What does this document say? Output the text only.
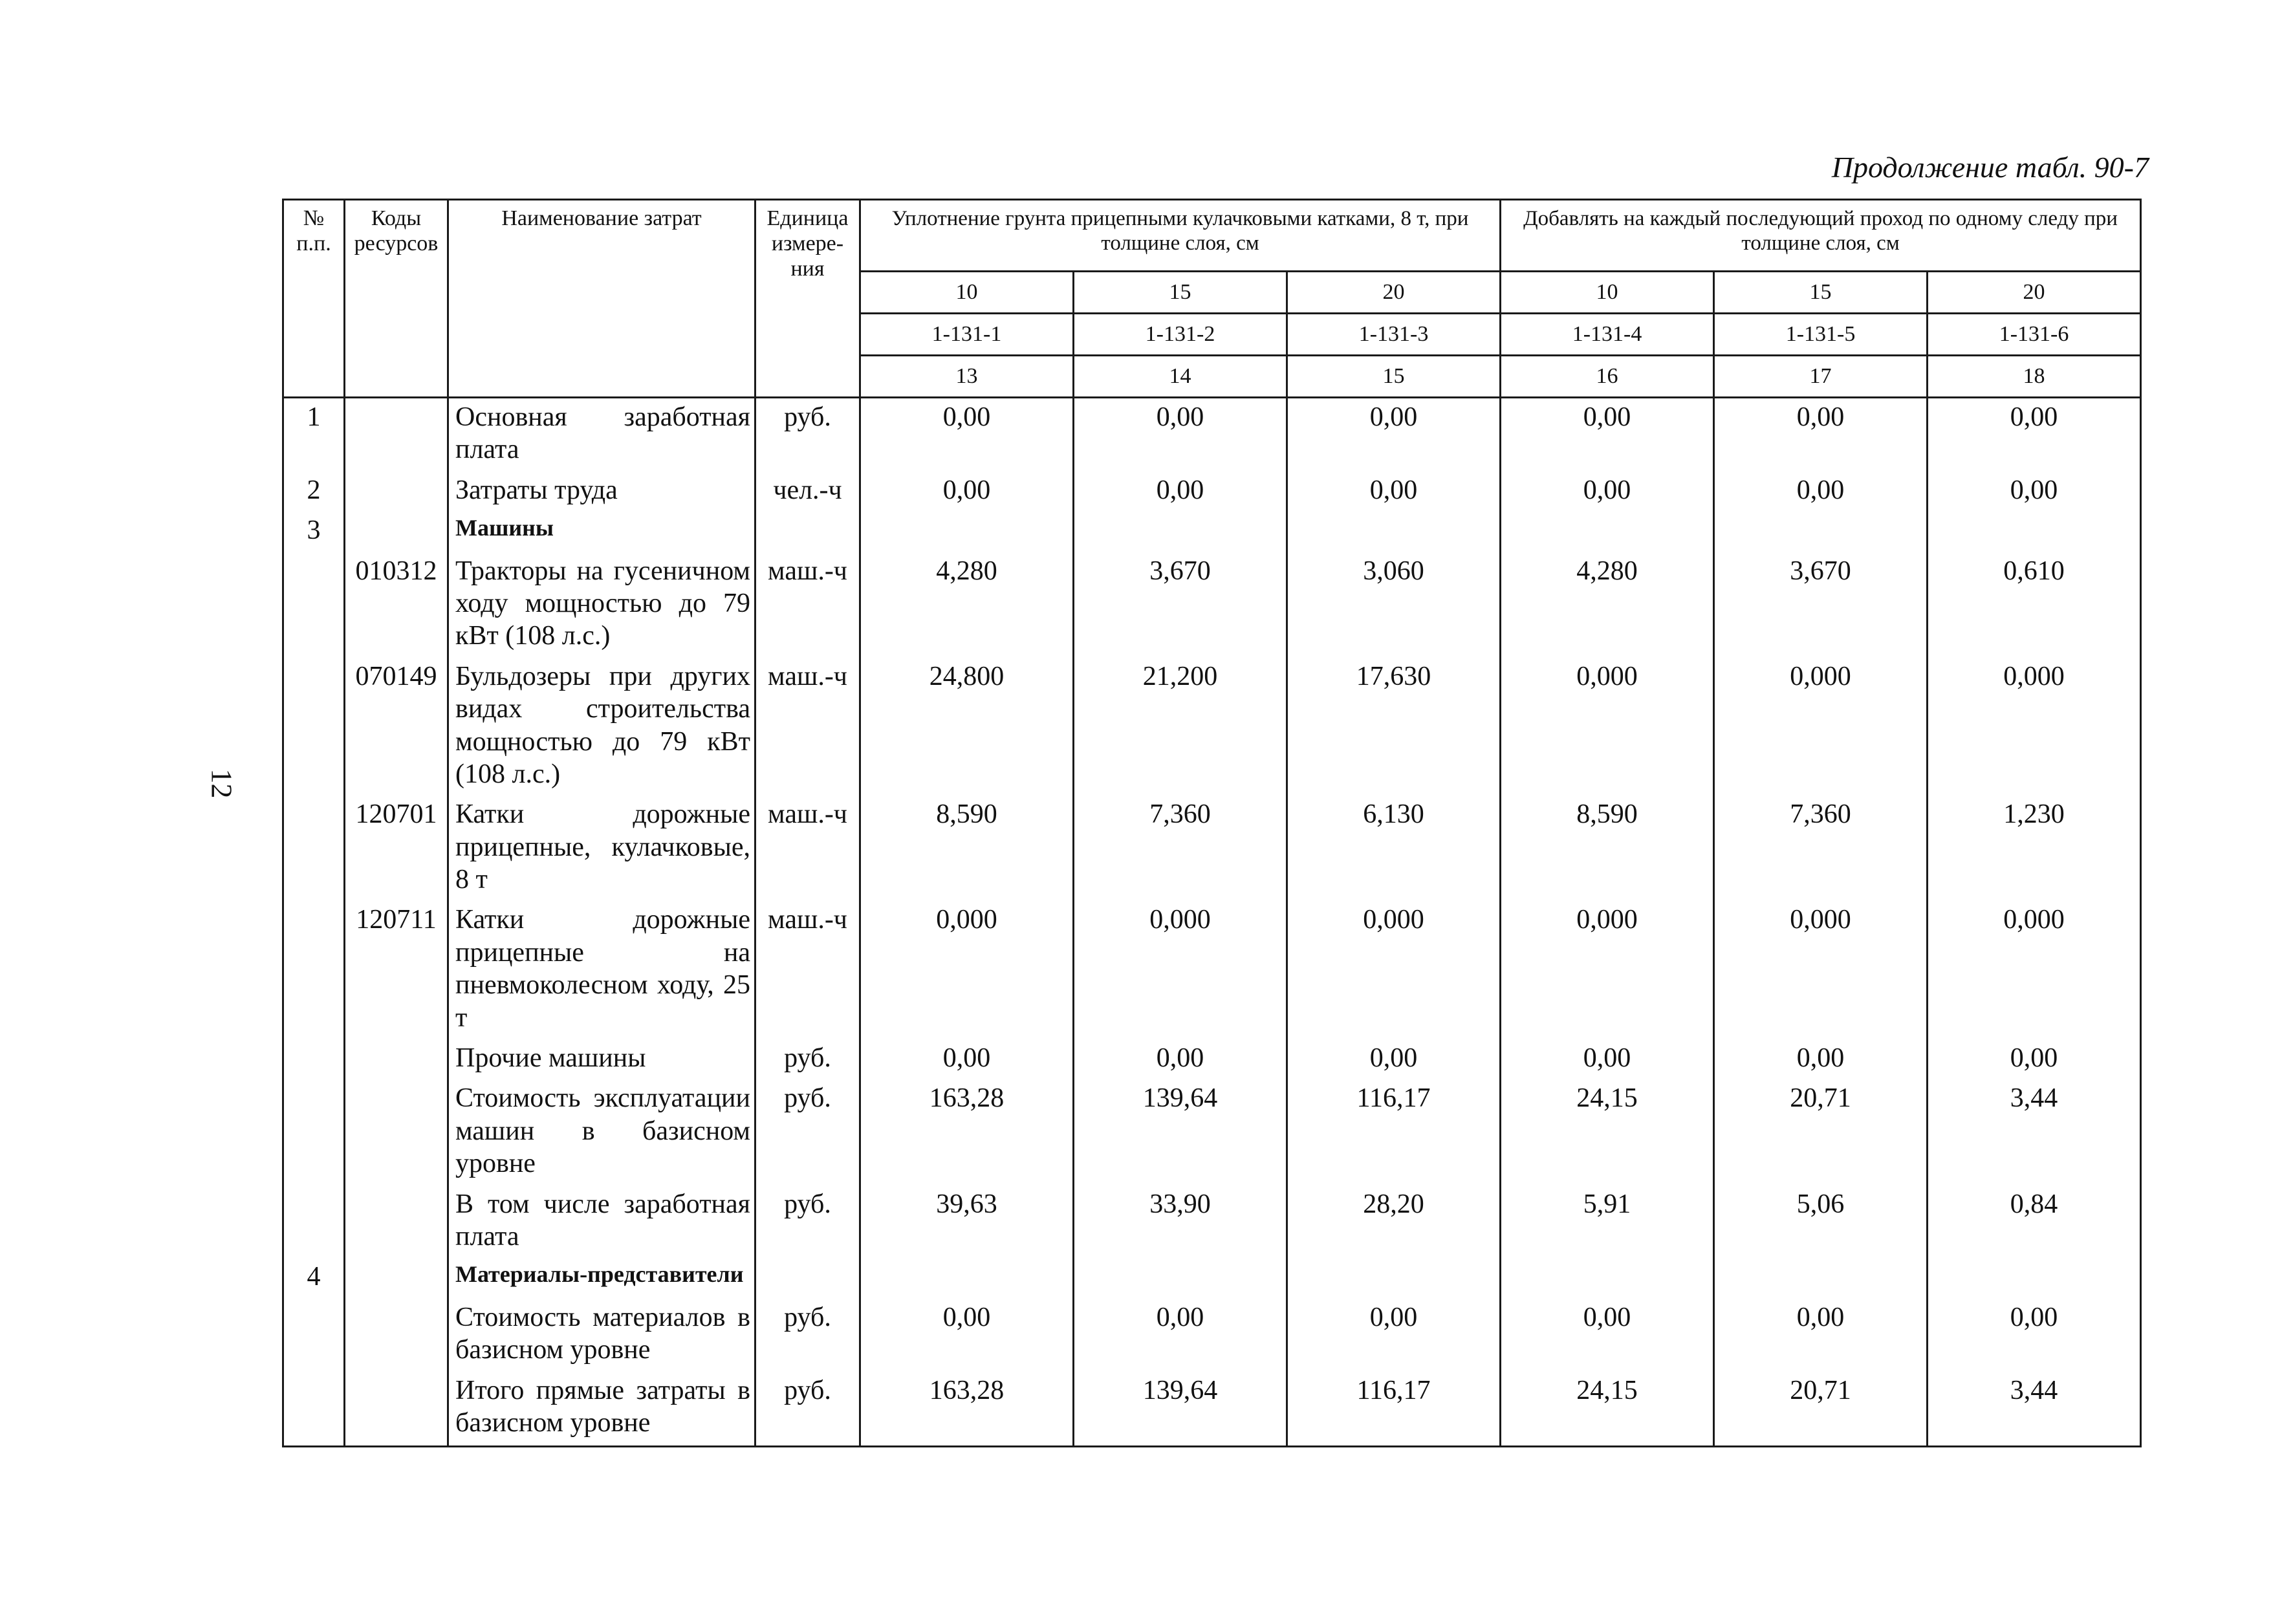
12
Продолжение табл. 90-7
№ п.п.	Коды ресурсов	Наименование затрат	Единица измере-ния	Уплотнение грунта прицепными кулачковыми катками, 8 т, при толщине слоя, см			Добавлять на каждый последующий проход по одному следу при толщине слоя, см		
				10	15	20	10	15	20
				1-131-1	1-131-2	1-131-3	1-131-4	1-131-5	1-131-6
				13	14	15	16	17	18
1		Основная заработная плата	руб.	0,00	0,00	0,00	0,00	0,00	0,00
2		Затраты труда	чел.-ч	0,00	0,00	0,00	0,00	0,00	0,00
3		Машины							
	010312	Тракторы на гусеничном ходу мощностью до 79 кВт (108 л.с.)	маш.-ч	4,280	3,670	3,060	4,280	3,670	0,610
	070149	Бульдозеры при других видах строительства мощностью до 79 кВт (108 л.с.)	маш.-ч	24,800	21,200	17,630	0,000	0,000	0,000
	120701	Катки дорожные прицепные, кулачковые, 8 т	маш.-ч	8,590	7,360	6,130	8,590	7,360	1,230
	120711	Катки дорожные прицепные на пневмоколесном ходу, 25 т	маш.-ч	0,000	0,000	0,000	0,000	0,000	0,000
		Прочие машины	руб.	0,00	0,00	0,00	0,00	0,00	0,00
		Стоимость эксплуатации машин в базисном уровне	руб.	163,28	139,64	116,17	24,15	20,71	3,44
		В том числе заработная плата	руб.	39,63	33,90	28,20	5,91	5,06	0,84
4		Материалы-представители							
		Стоимость материалов в базисном уровне	руб.	0,00	0,00	0,00	0,00	0,00	0,00
		Итого прямые затраты в базисном уровне	руб.	163,28	139,64	116,17	24,15	20,71	3,44
